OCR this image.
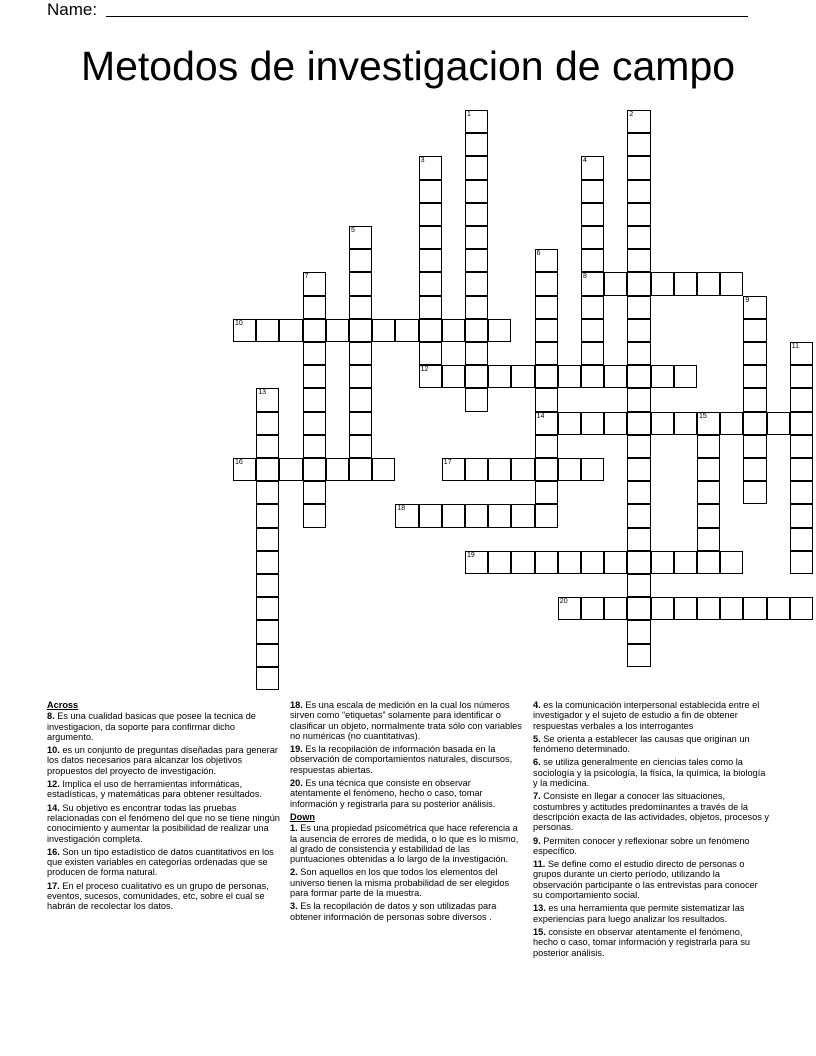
Name:
Metodos de investigacion de campo
1	2
3
12
4
8
5
6
14
7
9
10
11
13
15
16	17
18
19
20
Across
8. Es una cualidad basicas que posee la tecnica de investigacion, da soporte para confirmar dicho argumento.
10. es un conjunto de preguntas diseñadas para generar los datos necesarios para alcanzar los objetivos propuestos del proyecto de investigación.
12. Implica el uso de herramientas informáticas, estadísticas, y matemáticas para obtener resultados.
14. Su objetivo es encontrar todas las pruebas relacionadas con el fenómeno del que no se tiene ningún conocimiento y aumentar la posibilidad de realizar una investigación completa.
16. Son un tipo estadístico de datos cuantitativos en los que existen variables en categorías ordenadas que se producen de forma natural.
17. En el proceso cualitativo es un grupo de personas, eventos, sucesos, comunidades, etc, sobre el cual se habrán de recolectar los datos.
18. Es una escala de medición en la cual los números sirven como “etiquetas” solamente para identificar o clasificar un objeto, normalmente trata sólo con variables no numéricas (no cuantitativas).
19. Es la recopilación de información basada en la observación de comportamientos naturales, discursos, respuestas abiertas.
20. Es una técnica que consiste en observar atentamente el fenómeno, hecho o caso, tomar información y registrarla para su posterior análisis.
Down
1. Es una propiedad psicométrica que hace referencia a la ausencia de errores de medida, o lo que es lo mismo, al grado de consistencia y estabilidad de las puntuaciones obtenidas a lo largo de la investigación.
2. Son aquellos en los que todos los elementos del universo tienen la misma probabilidad de ser elegidos para formar parte de la muestra.
3. Es la recopilación de datos y son utilizadas para obtener información de personas sobre diversos .
4. es la comunicación interpersonal establecida entre el investigador y el sujeto de estudio a fin de obtener respuestas verbales a los interrogantes
5. Se orienta a establecer las causas que originan un fenómeno determinado.
6. se utiliza generalmente en ciencias tales como la sociología y la psicología, la física, la química, la biología y la medicina.
7. Consiste en llegar a conocer las situaciones, costumbres y actitudes predominantes a través de la descripción exacta de las actividades, objetos, procesos y personas.
9. Permiten conocer y reflexionar sobre un fenómeno específico.
11. Se define como el estudio directo de personas o grupos durante un cierto período, utilizando la observación participante o las entrevistas para conocer su comportamiento social.
13. es una herramienta que permite sistematizar las experiencias para luego analizar los resultados.
15. consiste en observar atentamente el fenómeno, hecho o caso, tomar información y registrarla para su posterior análisis.
